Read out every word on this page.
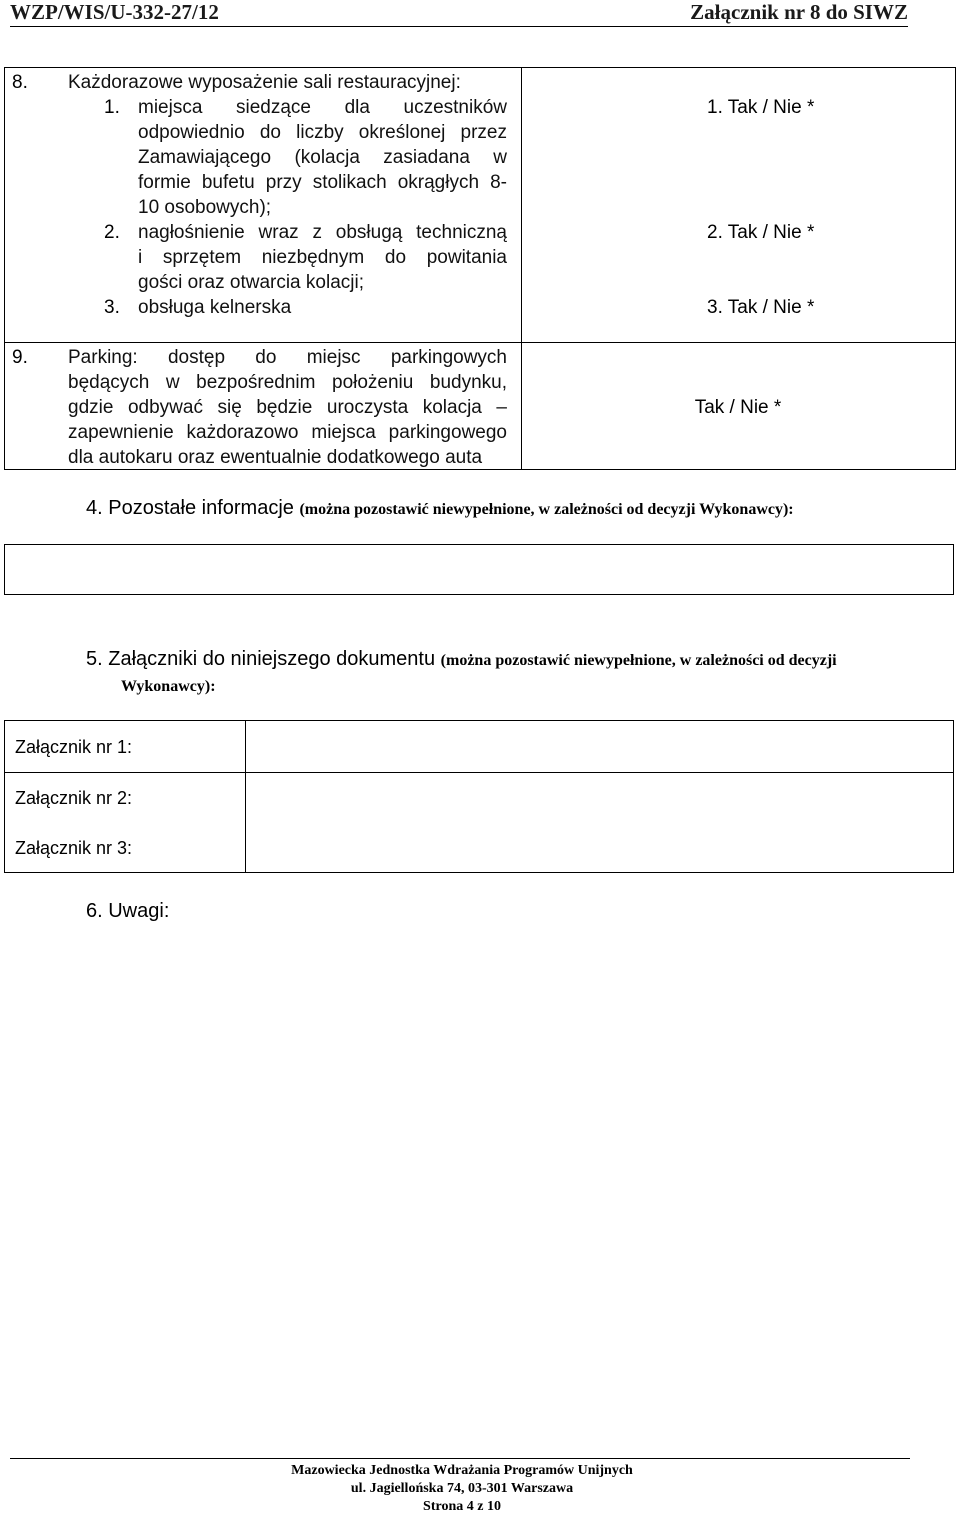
WZP/WIS/U-332-27/12	Załącznik nr 8 do SIWZ
8. Każdorazowe wyposażenie sali restauracyjnej:
1. miejsca siedzące dla uczestników
odpowiednio do liczby określonej przez
Zamawiającego (kolacja zasiadana w
formie bufetu przy stolikach okrągłych 8-
10 osobowych);
2. nagłośnienie wraz z obsługą techniczną
i sprzętem niezbędnym do powitania
gości oraz otwarcia kolacji;
3. obsługa kelnerska
1. Tak / Nie *
2. Tak / Nie *
3. Tak / Nie *
9. Parking: dostęp do miejsc parkingowych
będących w bezpośrednim położeniu budynku,
gdzie odbywać się będzie uroczysta kolacja –
zapewnienie każdorazowo miejsca parkingowego
dla autokaru oraz ewentualnie dodatkowego auta
Tak / Nie *
4. Pozostałe informacje (można pozostawić niewypełnione, w zależności od decyzji Wykonawcy):
5. Załączniki do niniejszego dokumentu (można pozostawić niewypełnione, w zależności od decyzji
Wykonawcy):
Załącznik nr 1:
Załącznik nr 2:
Załącznik nr 3:
6. Uwagi:
Mazowiecka Jednostka Wdrażania Programów Unijnych
ul. Jagiellońska 74, 03-301 Warszawa
Strona 4 z 10
